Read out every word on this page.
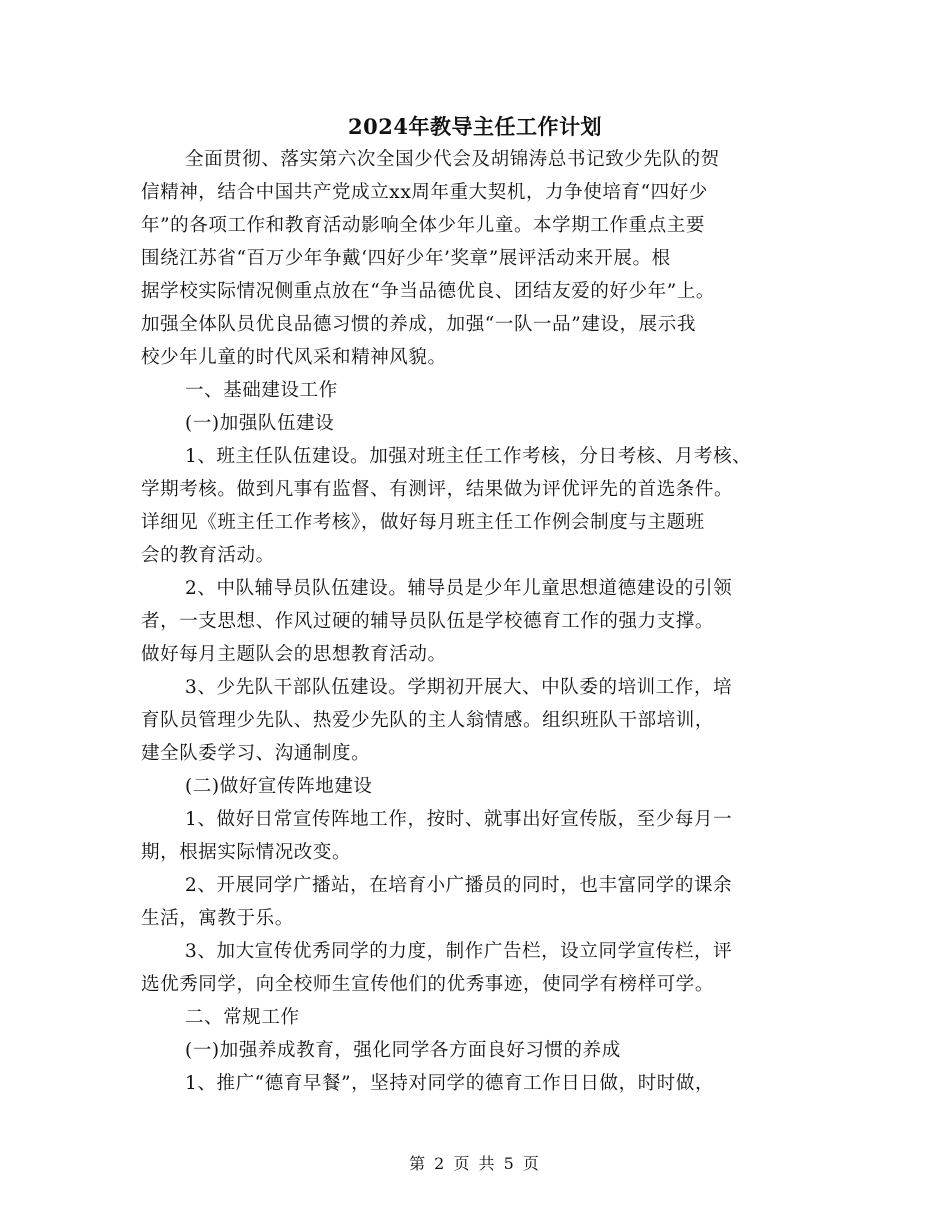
2024年教导主任工作计划
全面贯彻、落实第六次全国少代会及胡锦涛总书记致少先队的贺
信精神，结合中国共产党成立xx周年重大契机，力争使培育“四好少
年”的各项工作和教育活动影响全体少年儿童。本学期工作重点主要
围绕江苏省“百万少年争戴‘四好少年’奖章”展评活动来开展。根
据学校实际情况侧重点放在“争当品德优良、团结友爱的好少年”上。
加强全体队员优良品德习惯的养成，加强“一队一品”建设，展示我
校少年儿童的时代风采和精神风貌。
一、基础建设工作
(一)加强队伍建设
1、班主任队伍建设。加强对班主任工作考核，分日考核、月考核、
学期考核。做到凡事有监督、有测评，结果做为评优评先的首选条件。
详细见《班主任工作考核》，做好每月班主任工作例会制度与主题班
会的教育活动。
2、中队辅导员队伍建设。辅导员是少年儿童思想道德建设的引领
者，一支思想、作风过硬的辅导员队伍是学校德育工作的强力支撑。
做好每月主题队会的思想教育活动。
3、少先队干部队伍建设。学期初开展大、中队委的培训工作，培
育队员管理少先队、热爱少先队的主人翁情感。组织班队干部培训，
建全队委学习、沟通制度。
(二)做好宣传阵地建设
1、做好日常宣传阵地工作，按时、就事出好宣传版，至少每月一
期，根据实际情况改变。
2、开展同学广播站，在培育小广播员的同时，也丰富同学的课余
生活，寓教于乐。
3、加大宣传优秀同学的力度，制作广告栏，设立同学宣传栏，评
选优秀同学，向全校师生宣传他们的优秀事迹，使同学有榜样可学。
二、常规工作
(一)加强养成教育，强化同学各方面良好习惯的养成
1、推广“德育早餐”，坚持对同学的德育工作日日做，时时做，
第 2 页 共 5 页
